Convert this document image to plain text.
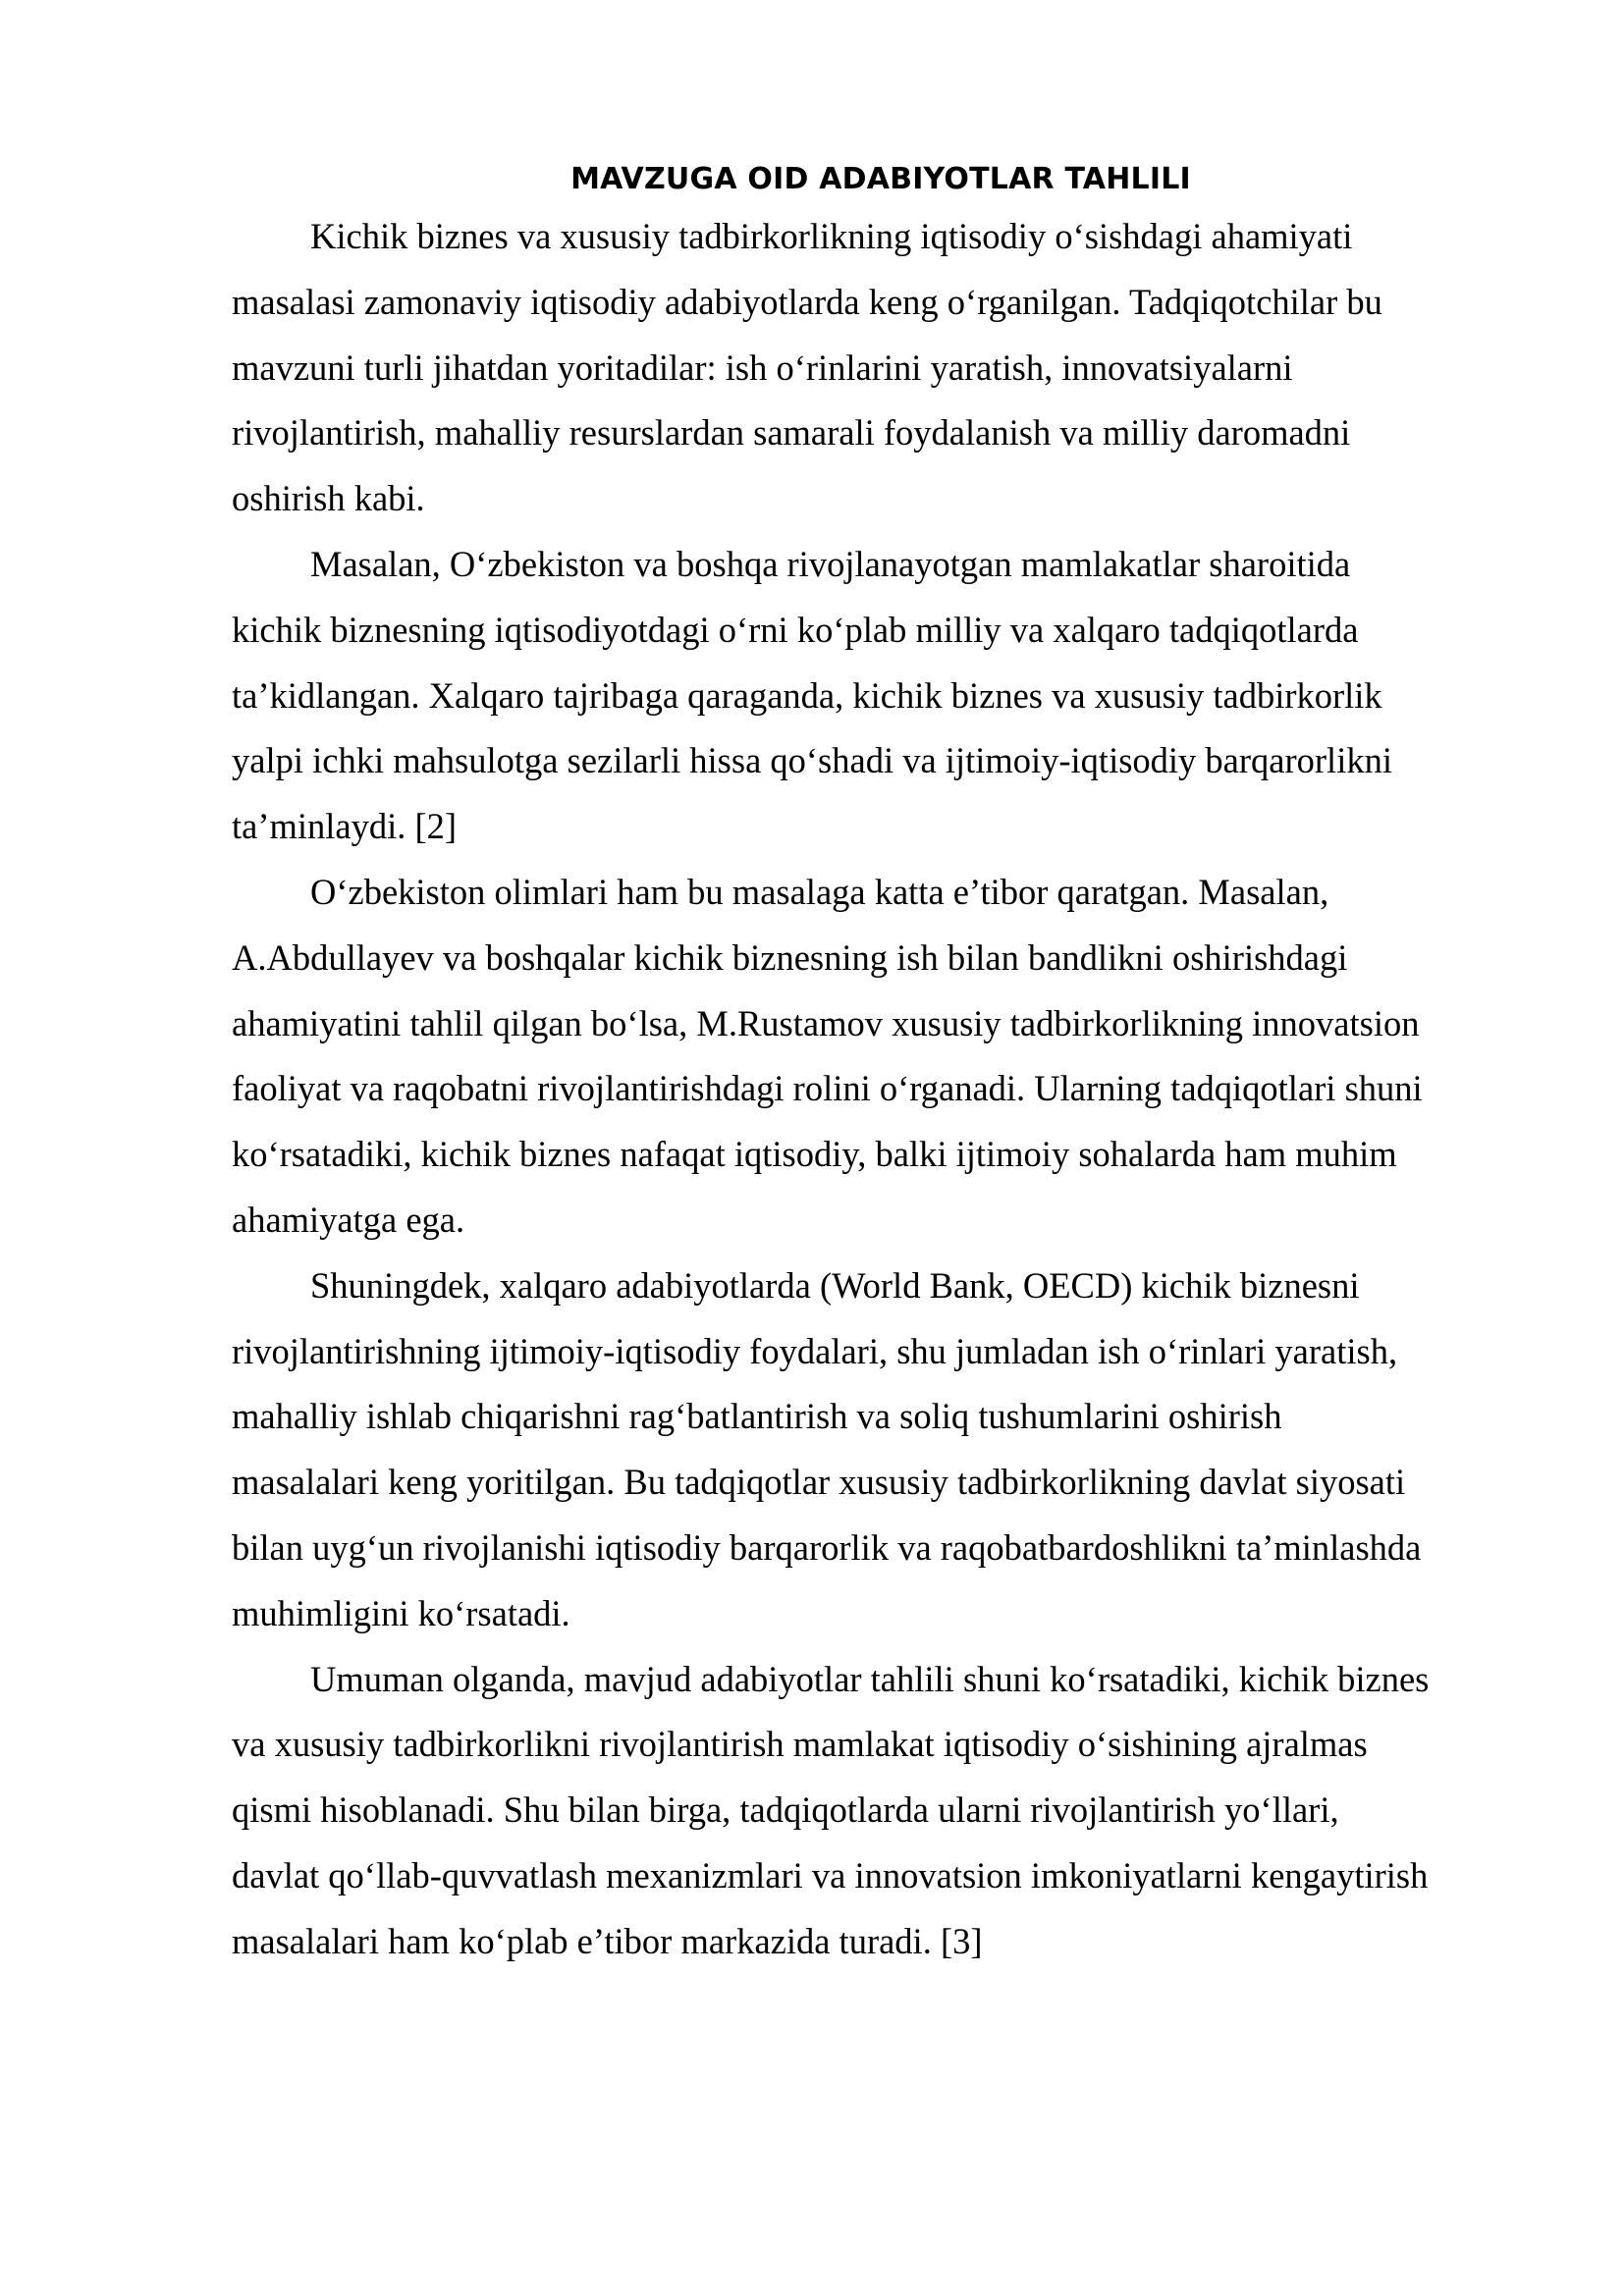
MAVZUGA OID ADABIYOTLAR TAHLILI

Kichik biznes va xususiy tadbirkorlikning iqtisodiy o‘sishdagi ahamiyati
masalasi zamonaviy iqtisodiy adabiyotlarda keng o‘rganilgan. Tadqiqotchilar bu
mavzuni turli jihatdan yoritadilar: ish o‘rinlarini yaratish, innovatsiyalarni
rivojlantirish, mahalliy resurslardan samarali foydalanish va milliy daromadni
oshirish kabi.

Masalan, O‘zbekiston va boshqa rivojlanayotgan mamlakatlar sharoitida
kichik biznesning iqtisodiyotdagi o‘rni ko‘plab milliy va xalqaro tadqiqotlarda
ta’kidlangan. Xalqaro tajribaga qaraganda, kichik biznes va xususiy tadbirkorlik
yalpi ichki mahsulotga sezilarli hissa qo‘shadi va ijtimoiy-iqtisodiy barqarorlikni
ta’minlaydi. [2]

O‘zbekiston olimlari ham bu masalaga katta e’tibor qaratgan. Masalan,
A.Abdullayev va boshqalar kichik biznesning ish bilan bandlikni oshirishdagi
ahamiyatini tahlil qilgan bo‘lsa, M.Rustamov xususiy tadbirkorlikning innovatsion
faoliyat va raqobatni rivojlantirishdagi rolini o‘rganadi. Ularning tadqiqotlari shuni
ko‘rsatadiki, kichik biznes nafaqat iqtisodiy, balki ijtimoiy sohalarda ham muhim
ahamiyatga ega.

Shuningdek, xalqaro adabiyotlarda (World Bank, OECD) kichik biznesni
rivojlantirishning ijtimoiy-iqtisodiy foydalari, shu jumladan ish o‘rinlari yaratish,
mahalliy ishlab chiqarishni rag‘batlantirish va soliq tushumlarini oshirish
masalalari keng yoritilgan. Bu tadqiqotlar xususiy tadbirkorlikning davlat siyosati
bilan uyg‘un rivojlanishi iqtisodiy barqarorlik va raqobatbardoshlikni ta’minlashda
muhimligini ko‘rsatadi.

Umuman olganda, mavjud adabiyotlar tahlili shuni ko‘rsatadiki, kichik biznes
va xususiy tadbirkorlikni rivojlantirish mamlakat iqtisodiy o‘sishining ajralmas
qismi hisoblanadi. Shu bilan birga, tadqiqotlarda ularni rivojlantirish yo‘llari,
davlat qo‘llab-quvvatlash mexanizmlari va innovatsion imkoniyatlarni kengaytirish
masalalari ham ko‘plab e’tibor markazida turadi. [3]
